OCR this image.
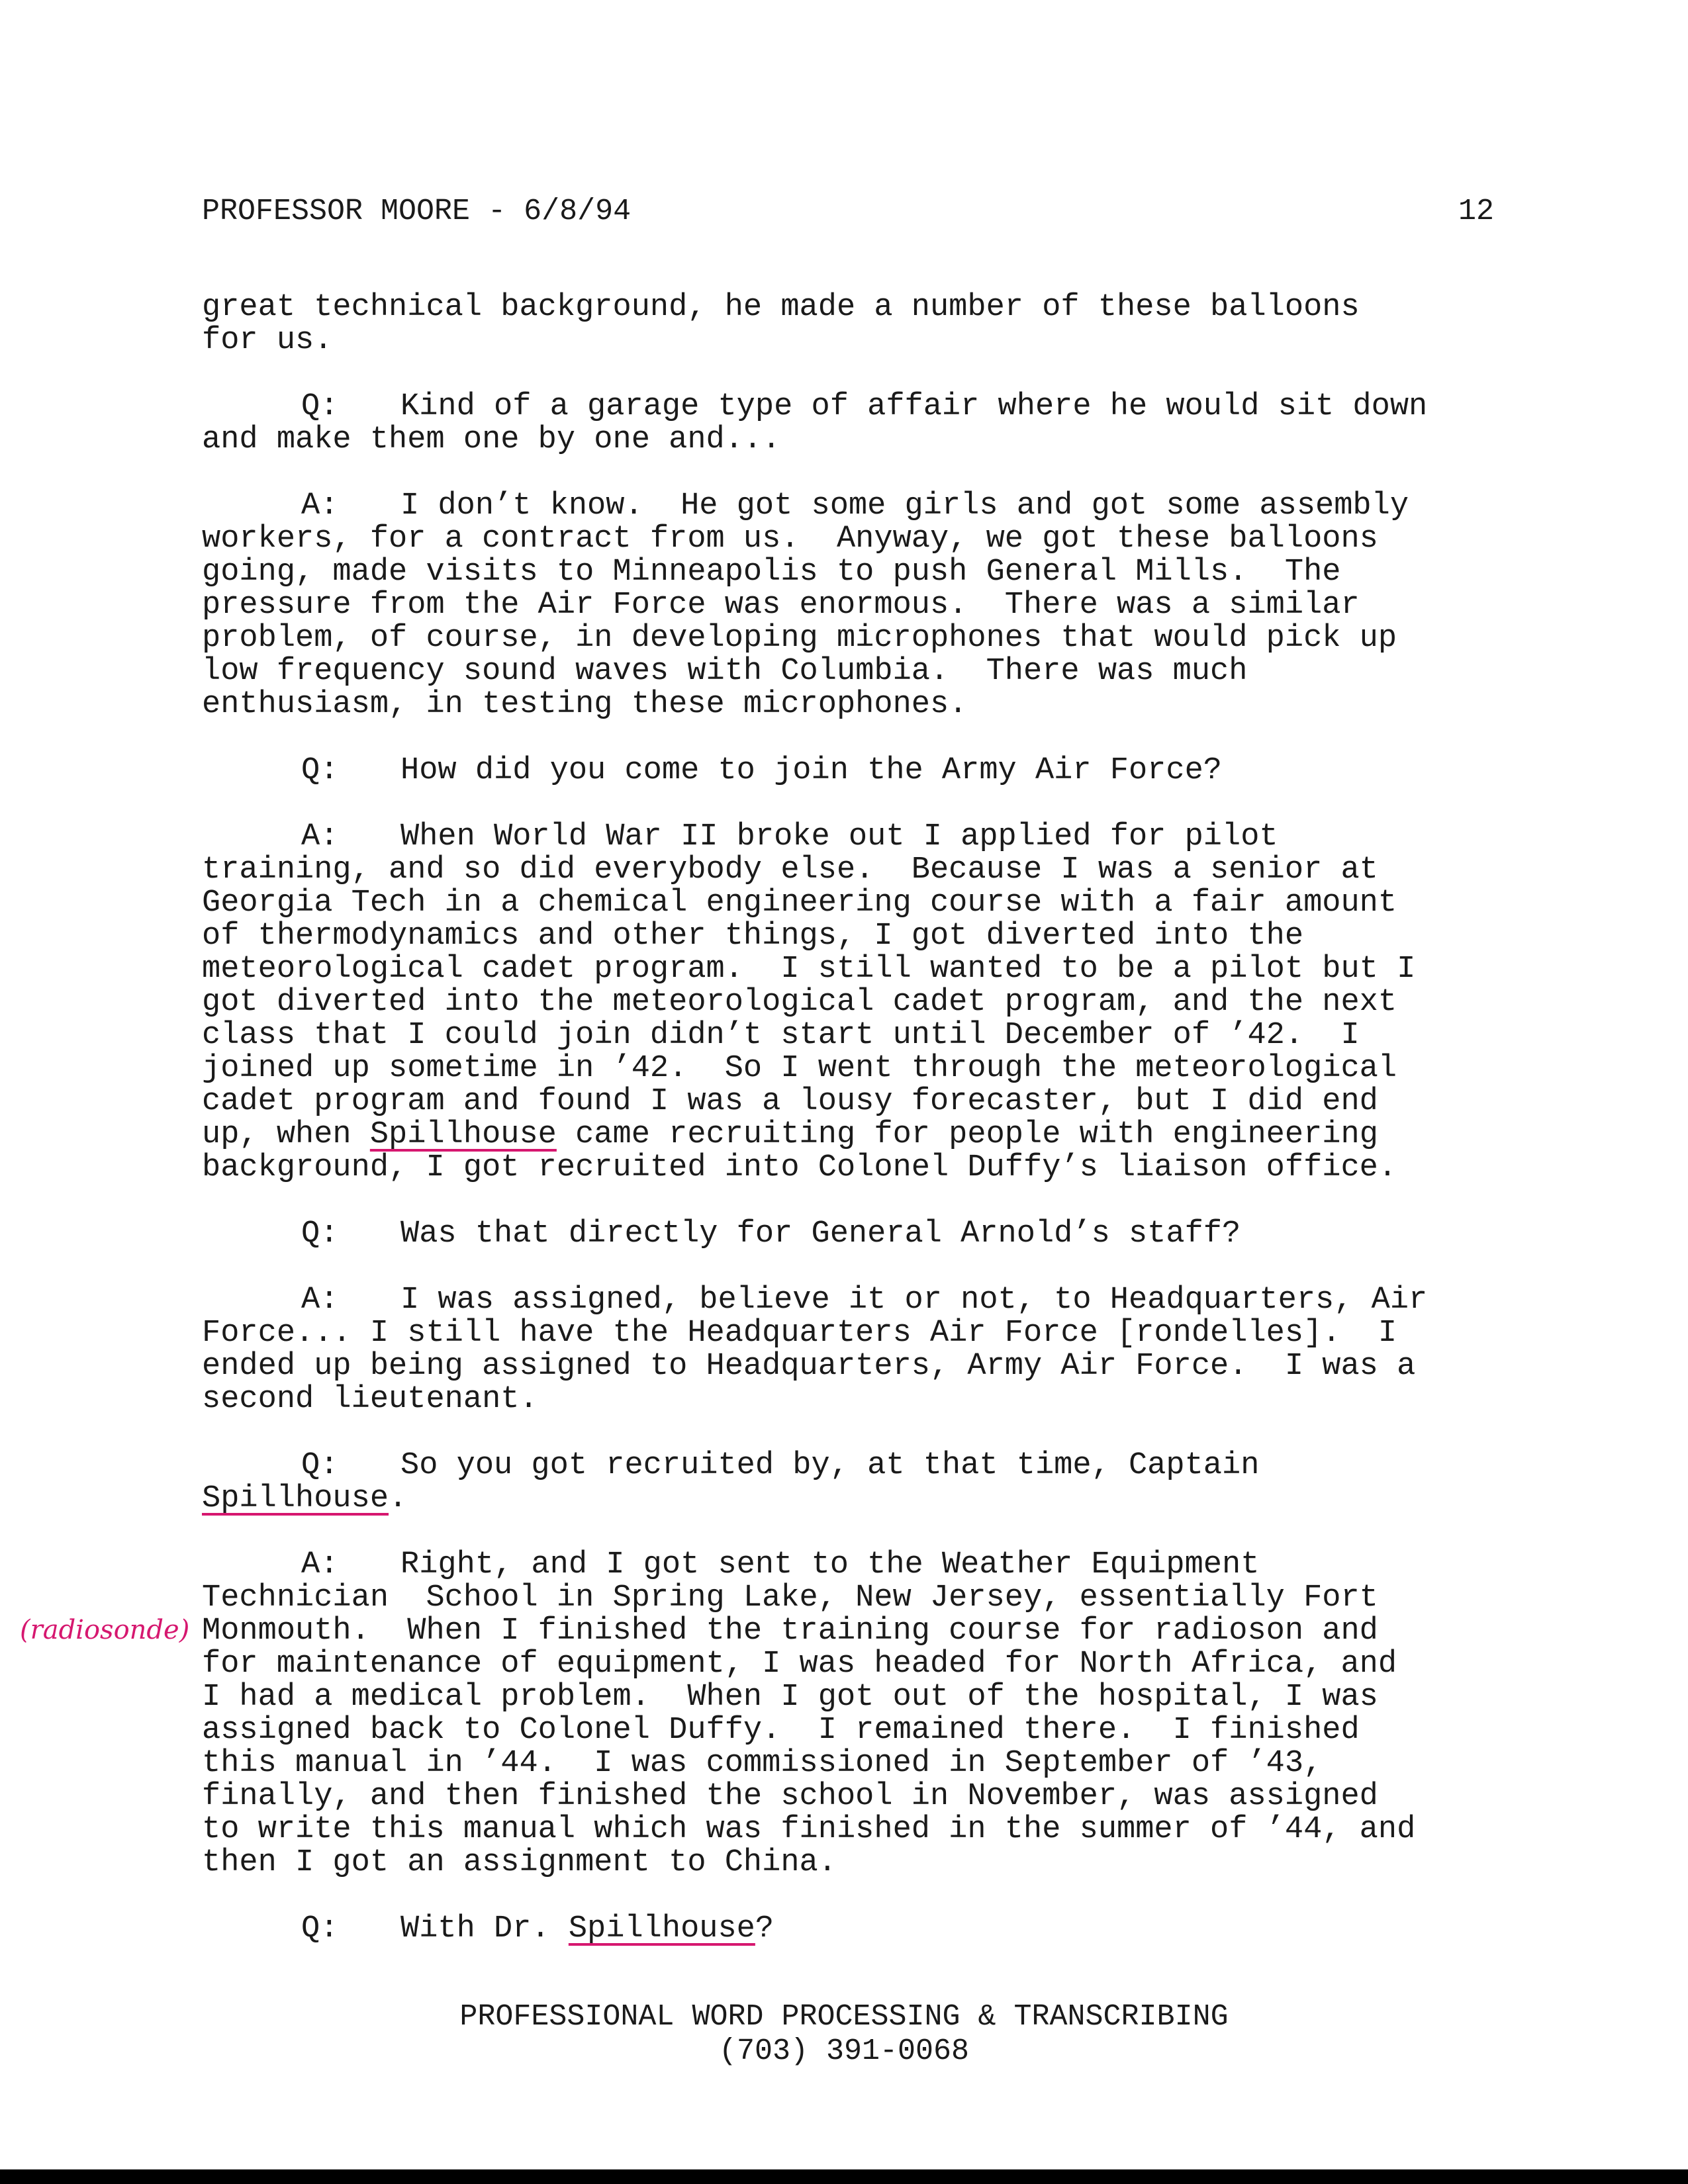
PROFESSOR MOORE - 6/8/94	12
great technical background, he made a number of these balloons
for us.
Q: Kind of a garage type of affair where he would sit down
and make them one by one and...
A: I don’t know.  He got some girls and got some assembly
workers, for a contract from us.  Anyway, we got these balloons
going, made visits to Minneapolis to push General Mills.  The
pressure from the Air Force was enormous.  There was a similar
problem, of course, in developing microphones that would pick up
low frequency sound waves with Columbia.  There was much
enthusiasm, in testing these microphones.
Q: How did you come to join the Army Air Force?
A: When World War II broke out I applied for pilot
training, and so did everybody else.  Because I was a senior at
Georgia Tech in a chemical engineering course with a fair amount
of thermodynamics and other things, I got diverted into the
meteorological cadet program.  I still wanted to be a pilot but I
got diverted into the meteorological cadet program, and the next
class that I could join didn’t start until December of ’42.  I
joined up sometime in ’42.  So I went through the meteorological
cadet program and found I was a lousy forecaster, but I did end
up, when Spillhouse came recruiting for people with engineering
background, I got recruited into Colonel Duffy’s liaison office.
Q: Was that directly for General Arnold’s staff?
A: I was assigned, believe it or not, to Headquarters, Air
Force... I still have the Headquarters Air Force [rondelles].  I
ended up being assigned to Headquarters, Army Air Force.  I was a
second lieutenant.
Q: So you got recruited by, at that time, Captain
Spillhouse.
A: Right, and I got sent to the Weather Equipment
Technician  School in Spring Lake, New Jersey, essentially Fort
Monmouth.  When I finished the training course for radioson and
for maintenance of equipment, I was headed for North Africa, and
I had a medical problem.  When I got out of the hospital, I was
assigned back to Colonel Duffy.  I remained there.  I finished
this manual in ’44.  I was commissioned in September of ’43,
finally, and then finished the school in November, was assigned
to write this manual which was finished in the summer of ’44, and
then I got an assignment to China.
Q: With Dr. Spillhouse?
(radiosonde)
PROFESSIONAL WORD PROCESSING & TRANSCRIBING
(703) 391-0068
